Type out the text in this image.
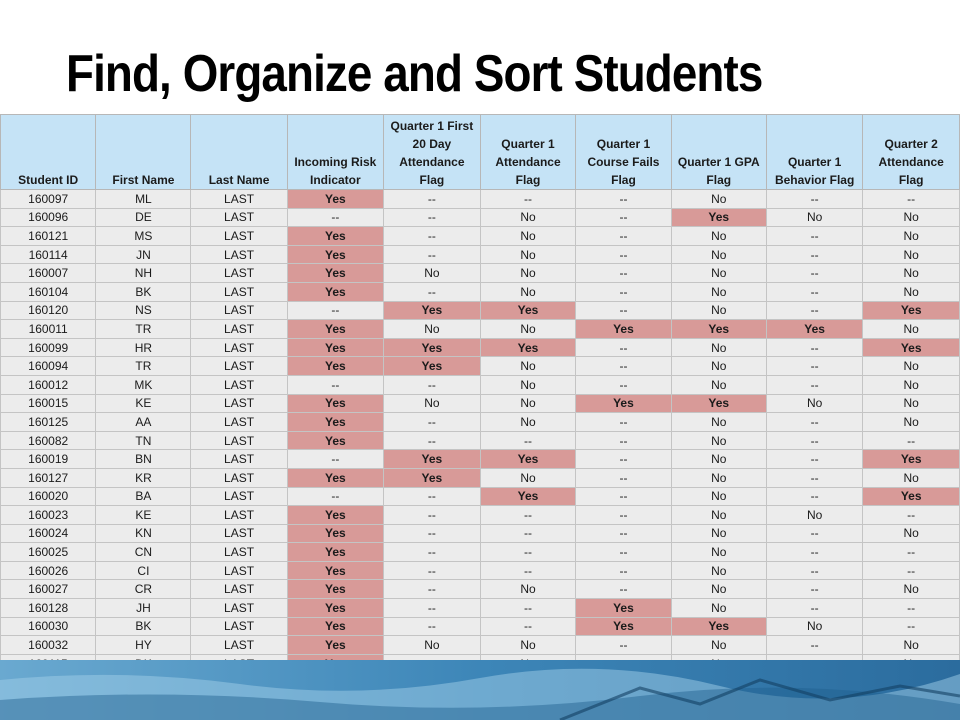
Find, Organize and Sort Students
Student ID	First Name	Last Name	Incoming Risk Indicator	Quarter 1 First 20 Day Attendance Flag	Quarter 1 Attendance Flag	Quarter 1 Course Fails Flag	Quarter 1 GPA Flag	Quarter 1 Behavior Flag	Quarter 2 Attendance Flag
160097	ML	LAST	Yes	--	--	--	No	--	--
160096	DE	LAST	--	--	No	--	Yes	No	No
160121	MS	LAST	Yes	--	No	--	No	--	No
160114	JN	LAST	Yes	--	No	--	No	--	No
160007	NH	LAST	Yes	No	No	--	No	--	No
160104	BK	LAST	Yes	--	No	--	No	--	No
160120	NS	LAST	--	Yes	Yes	--	No	--	Yes
160011	TR	LAST	Yes	No	No	Yes	Yes	Yes	No
160099	HR	LAST	Yes	Yes	Yes	--	No	--	Yes
160094	TR	LAST	Yes	Yes	No	--	No	--	No
160012	MK	LAST	--	--	No	--	No	--	No
160015	KE	LAST	Yes	No	No	Yes	Yes	No	No
160125	AA	LAST	Yes	--	No	--	No	--	No
160082	TN	LAST	Yes	--	--	--	No	--	--
160019	BN	LAST	--	Yes	Yes	--	No	--	Yes
160127	KR	LAST	Yes	Yes	No	--	No	--	No
160020	BA	LAST	--	--	Yes	--	No	--	Yes
160023	KE	LAST	Yes	--	--	--	No	No	--
160024	KN	LAST	Yes	--	--	--	No	--	No
160025	CN	LAST	Yes	--	--	--	No	--	--
160026	CI	LAST	Yes	--	--	--	No	--	--
160027	CR	LAST	Yes	--	No	--	No	--	No
160128	JH	LAST	Yes	--	--	Yes	No	--	--
160030	BK	LAST	Yes	--	--	Yes	Yes	No	--
160032	HY	LAST	Yes	No	No	--	No	--	No
